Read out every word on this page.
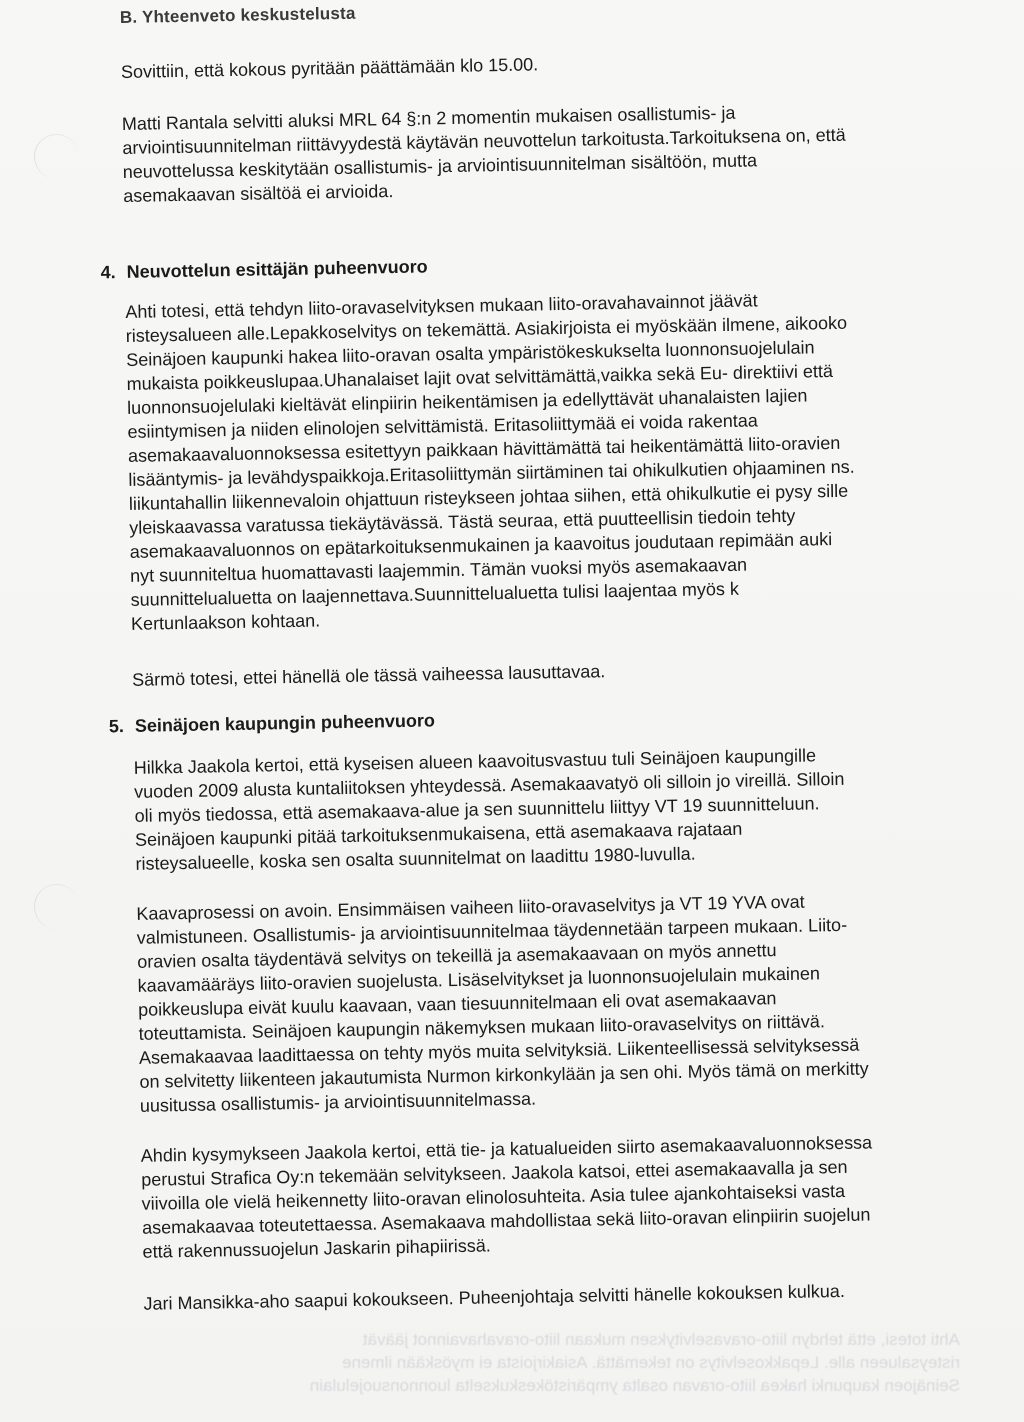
B. Yhteenveto keskustelusta
Sovittiin, että kokous pyritään päättämään klo 15.00.
Matti Rantala selvitti aluksi MRL 64 §:n 2 momentin mukaisen osallistumis- ja
arviointisuunnitelman riittävyydestä käytävän neuvottelun tarkoitusta.Tarkoituksena on, että
neuvottelussa keskitytään osallistumis- ja arviointisuunnitelman sisältöön, mutta
asemakaavan sisältöä ei arvioida.
4. Neuvottelun esittäjän puheenvuoro
Ahti totesi, että tehdyn liito-oravaselvityksen mukaan liito-oravahavainnot jäävät
risteysalueen alle.Lepakkoselvitys on tekemättä. Asiakirjoista ei myöskään ilmene, aikooko
Seinäjoen kaupunki hakea liito-oravan osalta ympäristökeskukselta luonnonsuojelulain
mukaista poikkeuslupaa.Uhanalaiset lajit ovat selvittämättä,vaikka sekä Eu- direktiivi että
luonnonsuojelulaki kieltävät elinpiirin heikentämisen ja edellyttävät uhanalaisten lajien
esiintymisen ja niiden elinolojen selvittämistä. Eritasoliittymää ei voida rakentaa
asemakaavaluonnoksessa esitettyyn paikkaan hävittämättä tai heikentämättä liito-oravien
lisääntymis- ja levähdyspaikkoja.Eritasoliittymän siirtäminen tai ohikulkutien ohjaaminen ns.
liikuntahallin liikennevaloin ohjattuun risteykseen johtaa siihen, että ohikulkutie ei pysy sille
yleiskaavassa varatussa tiekäytävässä. Tästä seuraa, että puutteellisin tiedoin tehty
asemakaavaluonnos on epätarkoituksenmukainen ja kaavoitus joudutaan repimään auki
nyt suunniteltua huomattavasti laajemmin. Tämän vuoksi myös asemakaavan
suunnittelualuetta on laajennettava.Suunnittelualuetta tulisi laajentaa myös k
Kertunlaakson kohtaan.
Särmö totesi, ettei hänellä ole tässä vaiheessa lausuttavaa.
5. Seinäjoen kaupungin puheenvuoro
Hilkka Jaakola kertoi, että kyseisen alueen kaavoitusvastuu tuli Seinäjoen kaupungille
vuoden 2009 alusta kuntaliitoksen yhteydessä. Asemakaavatyö oli silloin jo vireillä. Silloin
oli myös tiedossa, että asemakaava-alue ja sen suunnittelu liittyy VT 19 suunnitteluun.
Seinäjoen kaupunki pitää tarkoituksenmukaisena, että asemakaava rajataan
risteysalueelle, koska sen osalta suunnitelmat on laadittu 1980-luvulla.
Kaavaprosessi on avoin. Ensimmäisen vaiheen liito-oravaselvitys ja VT 19 YVA ovat
valmistuneen. Osallistumis- ja arviointisuunnitelmaa täydennetään tarpeen mukaan. Liito-
oravien osalta täydentävä selvitys on tekeillä ja asemakaavaan on myös annettu
kaavamääräys liito-oravien suojelusta. Lisäselvitykset ja luonnonsuojelulain mukainen
poikkeuslupa eivät kuulu kaavaan, vaan tiesuunnitelmaan eli ovat asemakaavan
toteuttamista. Seinäjoen kaupungin näkemyksen mukaan liito-oravaselvitys on riittävä.
Asemakaavaa laadittaessa on tehty myös muita selvityksiä. Liikenteellisessä selvityksessä
on selvitetty liikenteen jakautumista Nurmon kirkonkylään ja sen ohi. Myös tämä on merkitty
uusitussa osallistumis- ja arviointisuunnitelmassa.
Ahdin kysymykseen Jaakola kertoi, että tie- ja katualueiden siirto asemakaavaluonnoksessa
perustui Strafica Oy:n tekemään selvitykseen. Jaakola katsoi, ettei asemakaavalla ja sen
viivoilla ole vielä heikennetty liito-oravan elinolosuhteita. Asia tulee ajankohtaiseksi vasta
asemakaavaa toteutettaessa. Asemakaava mahdollistaa sekä liito-oravan elinpiirin suojelun
että rakennussuojelun Jaskarin pihapiirissä.
Jari Mansikka-aho saapui kokoukseen. Puheenjohtaja selvitti hänelle kokouksen kulkua.
Ahti totesi, että tehdyn liito-oravaselvityksen mukaan liito-oravahavainnot jäävät
risteysalueen alle. Lepakkoselvitys on tekemättä. Asiakirjoista ei myöskään ilmene
Seinäjoen kaupunki hakea liito-oravan osalta ympäristökeskukselta luonnonsuojelulain
